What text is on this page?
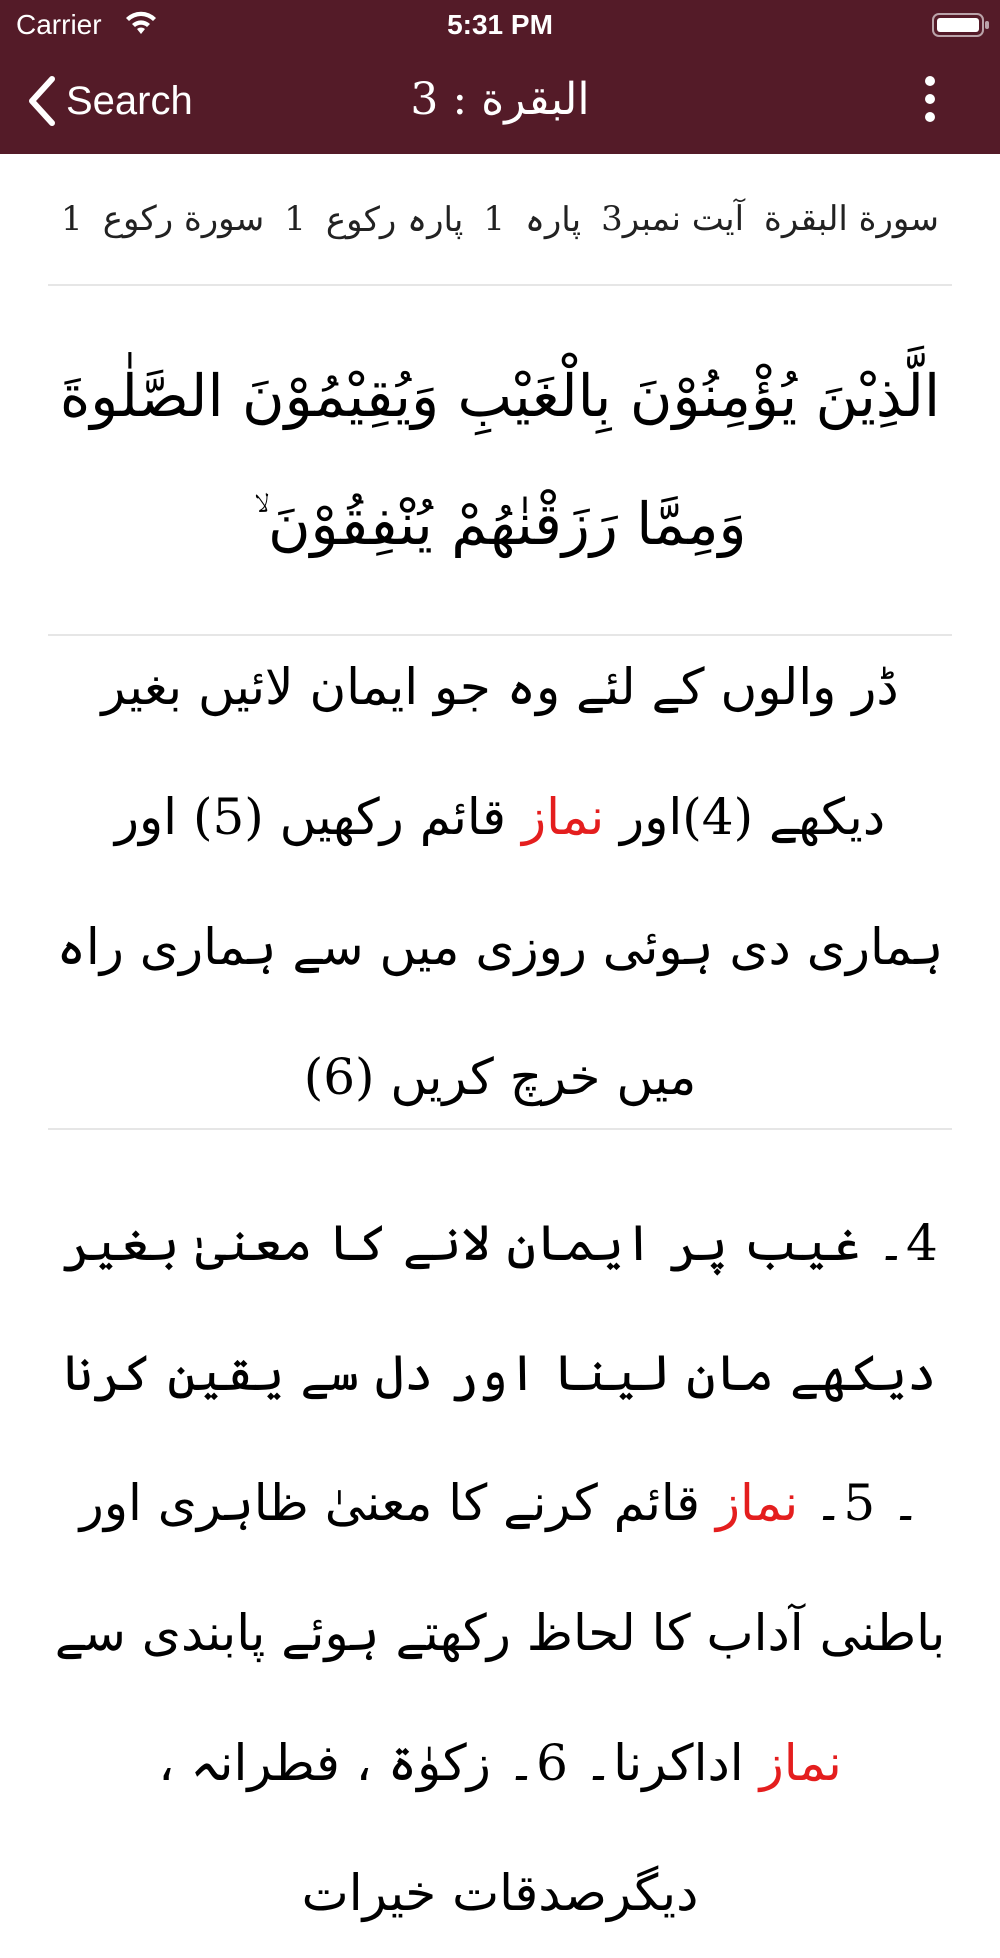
Carrier	5:31 PM
Search	البقرة : 3
سورة البقرة
آیت نمبر3
پارہ
1
پارہ رکوع
1
سورة رکوع
1
الَّذِيْنَ يُؤْمِنُوْنَ بِالْغَيْبِ وَيُقِيْمُوْنَ الصَّلٰوةَ وَمِمَّا رَزَقْنٰهُمْ يُنْفِقُوْنَ ۙ
ڈر والوں کے لئے وہ جو ایمان لائیں بغیر دیکھے (4)اور نماز قائم رکھیں (5) اور ہماری دی ہوئی روزی میں سے ہماری راہ میں خرچ کریں (6)
4۔ غیب پر ایمان لانے کا معنیٰ بغیر دیکھے مان لینا اور دل سے یقین کرنا ۔ 5۔ نماز قائم کرنے کا معنیٰ ظاہری اور باطنی آداب کا لحاظ رکھتے ہوئے پابندی سے نماز اداکرنا۔ 6۔ زکوٰۃ ، فطرانہ ، دیگرصدقات خیرات
